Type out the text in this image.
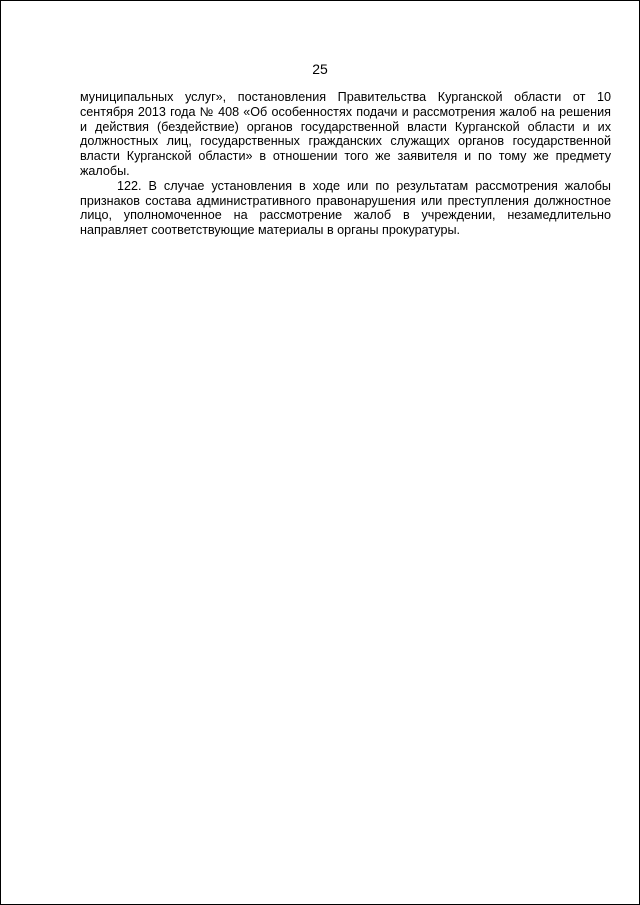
25

муниципальных услуг», постановления Правительства Курганской области от 10 сентября 2013 года № 408 «Об особенностях подачи и рассмотрения жалоб на решения и действия (бездействие) органов государственной власти Курганской области и их должностных лиц, государственных гражданских служащих органов государственной власти Курганской области» в отношении того же заявителя и по тому же предмету жалобы.

122. В случае установления в ходе или по результатам рассмотрения жалобы признаков состава административного правонарушения или преступления должностное лицо, уполномоченное на рассмотрение жалоб в учреждении, незамедлительно направляет соответствующие материалы в органы прокуратуры.
